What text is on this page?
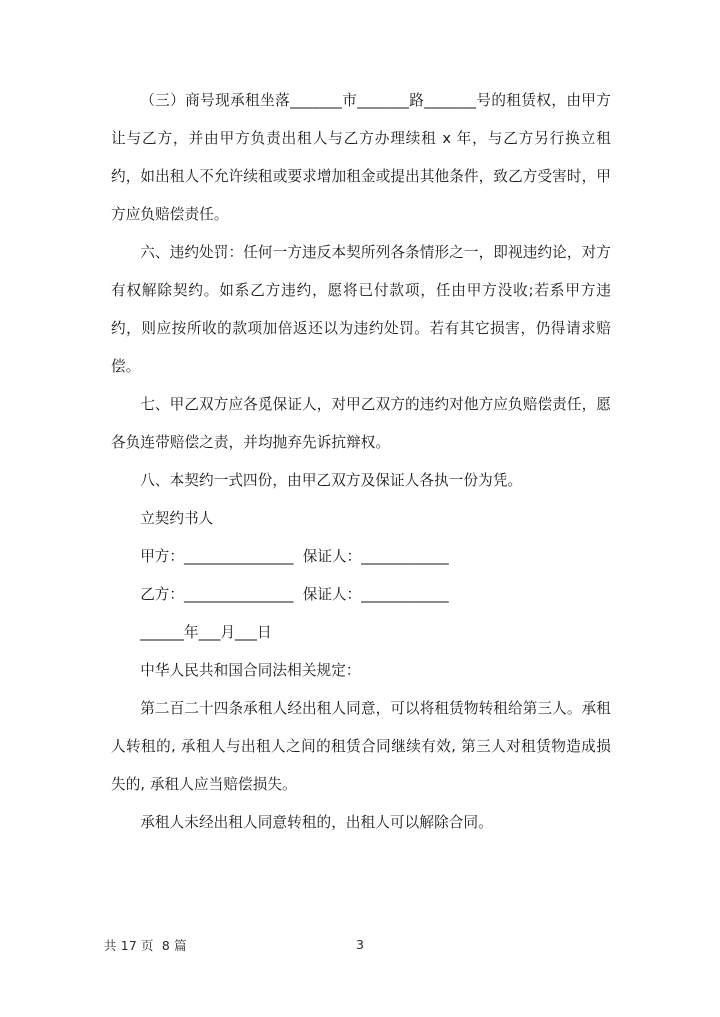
（三）商号现承租坐落_______市_______路_______号的租赁权，由甲方让与乙方，并由甲方负责出租人与乙方办理续租 x 年，与乙方另行换立租约，如出租人不允许续租或要求增加租金或提出其他条件，致乙方受害时，甲方应负赔偿责任。

六、违约处罚：任何一方违反本契所列各条情形之一，即视违约论，对方有权解除契约。如系乙方违约，愿将已付款项，任由甲方没收;若系甲方违约，则应按所收的款项加倍返还以为违约处罚。若有其它损害，仍得请求赔偿。

七、甲乙双方应各觅保证人，对甲乙双方的违约对他方应负赔偿责任，愿各负连带赔偿之责，并均抛弃先诉抗辩权。

八、本契约一式四份，由甲乙双方及保证人各执一份为凭。

立契约书人

甲方：_______________ 保证人：____________

乙方：_______________ 保证人：____________

______年___月___日

中华人民共和国合同法相关规定：

第二百二十四条承租人经出租人同意，可以将租赁物转租给第三人。承租人转租的, 承租人与出租人之间的租赁合同继续有效, 第三人对租赁物造成损失的, 承租人应当赔偿损失。

承租人未经出租人同意转租的，出租人可以解除合同。

共 17 页  8 篇	3
